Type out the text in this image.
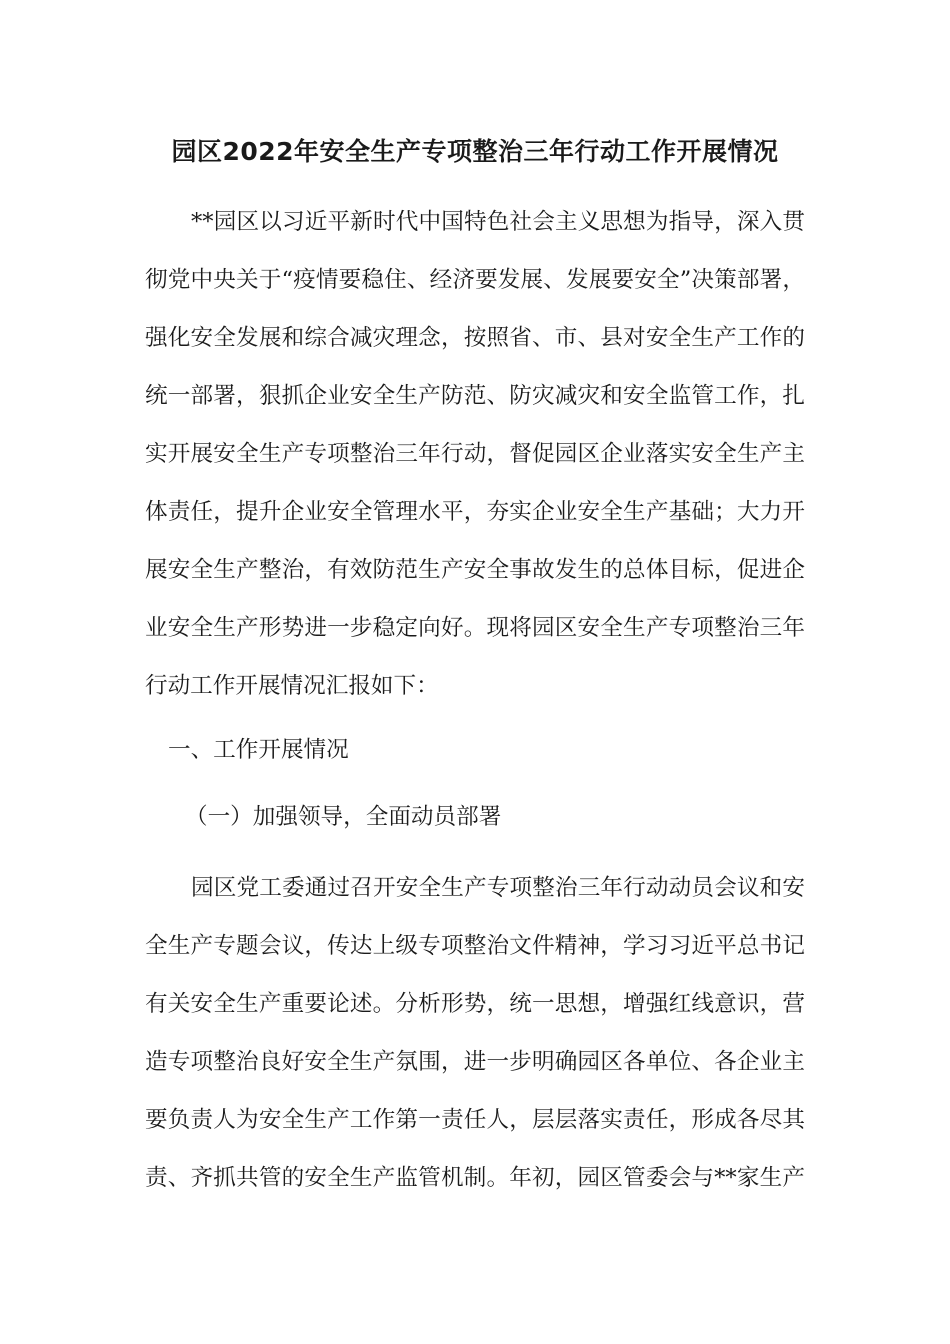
园区2022年安全生产专项整治三年行动工作开展情况
**园区以习近平新时代中国特色社会主义思想为指导，深入贯
彻党中央关于“疫情要稳住、经济要发展、发展要安全”决策部署，
强化安全发展和综合减灾理念，按照省、市、县对安全生产工作的
统一部署，狠抓企业安全生产防范、防灾减灾和安全监管工作，扎
实开展安全生产专项整治三年行动，督促园区企业落实安全生产主
体责任，提升企业安全管理水平，夯实企业安全生产基础；大力开
展安全生产整治，有效防范生产安全事故发生的总体目标，促进企
业安全生产形势进一步稳定向好。现将园区安全生产专项整治三年
行动工作开展情况汇报如下：
一、工作开展情况
（一）加强领导，全面动员部署
园区党工委通过召开安全生产专项整治三年行动动员会议和安
全生产专题会议，传达上级专项整治文件精神，学习习近平总书记
有关安全生产重要论述。分析形势，统一思想，增强红线意识，营
造专项整治良好安全生产氛围，进一步明确园区各单位、各企业主
要负责人为安全生产工作第一责任人，层层落实责任，形成各尽其
责、齐抓共管的安全生产监管机制。年初，园区管委会与**家生产
